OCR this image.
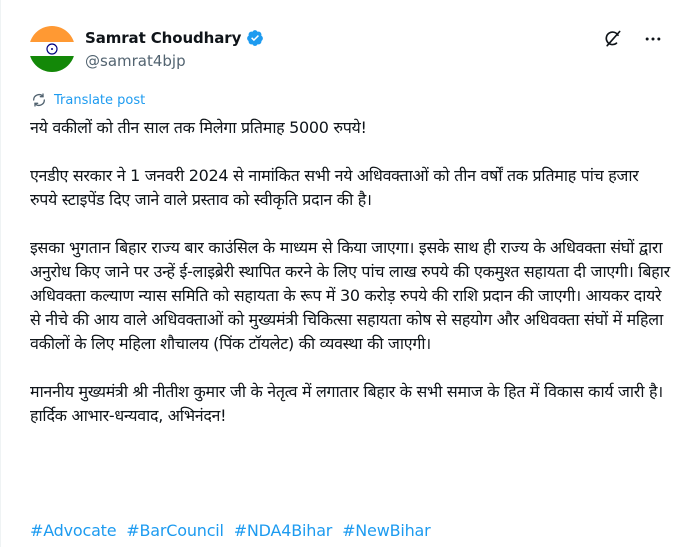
Samrat Choudhary
@samrat4bjp
Translate post

नये वकीलों को तीन साल तक मिलेगा प्रतिमाह 5000 रुपये!

एनडीए सरकार ने 1 जनवरी 2024 से नामांकित सभी नये अधिवक्ताओं को तीन वर्षों तक प्रतिमाह पांच हजार रुपये स्टाइपेंड दिए जाने वाले प्रस्ताव को स्वीकृति प्रदान की है।

इसका भुगतान बिहार राज्य बार काउंसिल के माध्यम से किया जाएगा। इसके साथ ही राज्य के अधिवक्ता संघों द्वारा अनुरोध किए जाने पर उन्हें ई-लाइब्रेरी स्थापित करने के लिए पांच लाख रुपये की एकमुश्त सहायता दी जाएगी। बिहार अधिवक्ता कल्याण न्यास समिति को सहायता के रूप में 30 करोड़ रुपये की राशि प्रदान की जाएगी। आयकर दायरे से नीचे की आय वाले अधिवक्ताओं को मुख्यमंत्री चिकित्सा सहायता कोष से सहयोग और अधिवक्ता संघों में महिला वकीलों के लिए महिला शौचालय (पिंक टॉयलेट) की व्यवस्था की जाएगी।

माननीय मुख्यमंत्री श्री नीतीश कुमार जी के नेतृत्व में लगातार बिहार के सभी समाज के हित में विकास कार्य जारी है। हार्दिक आभार-धन्यवाद, अभिनंदन!

#Advocate #BarCouncil #NDA4Bihar #NewBihar
